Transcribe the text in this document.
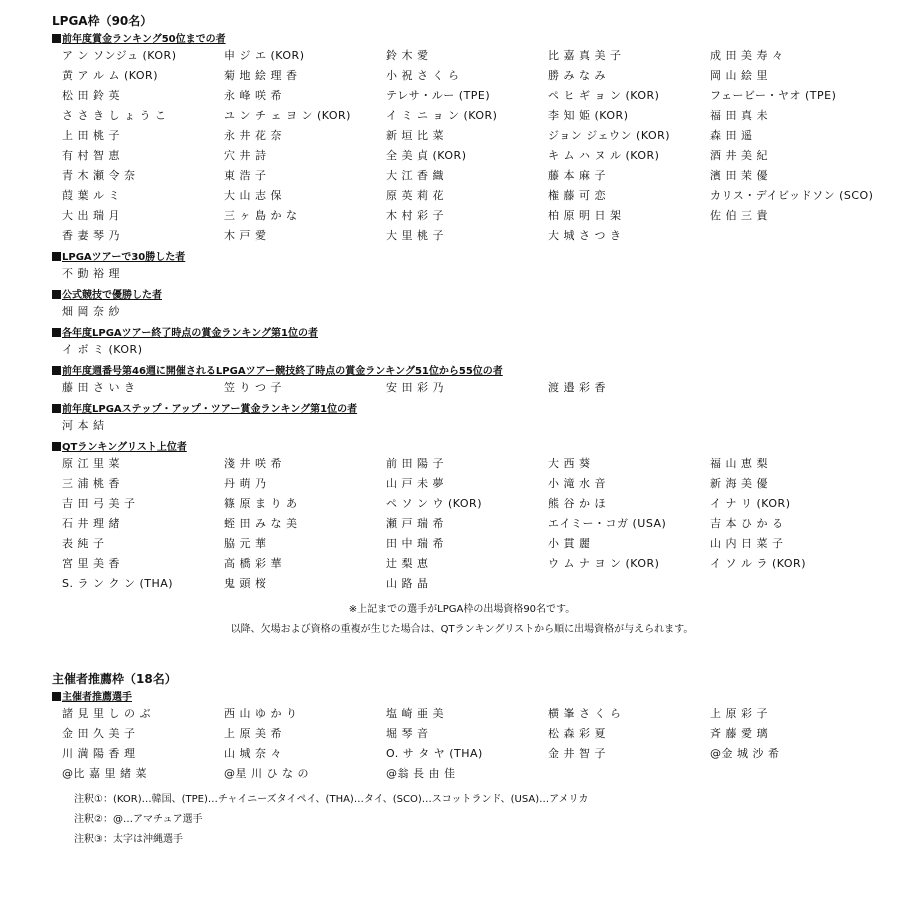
LPGA枠（90名）
前年度賞金ランキング50位までの者
ア ン ソンジュ (KOR)	申 ジ エ (KOR)	鈴 木 愛	比 嘉 真 美 子	成 田 美 寿 々
黄 ア ル ム (KOR)	菊 地 絵 理 香	小 祝 さ く ら	勝 み な み	岡 山 絵 里
松 田 鈴 英	永 峰 咲 希	テレサ・ルー (TPE)	ペ ヒ ギ ョ ン (KOR)	フェービー・ヤオ (TPE)
さ さ き し ょ う こ	ユ ン チ ェ ヨ ン (KOR)	イ ミ ニ ョ ン (KOR)	李 知 姫 (KOR)	福 田 真 未
上 田 桃 子	永 井 花 奈	新 垣 比 菜	ジョン ジェウン (KOR)	森 田 遥
有 村 智 恵	穴 井 詩	全 美 貞 (KOR)	キ ム ハ ヌ ル (KOR)	酒 井 美 紀
青 木 瀬 令 奈	東 浩 子	大 江 香 織	藤 本 麻 子	濱 田 茉 優
葭 葉 ル ミ	大 山 志 保	原 英 莉 花	権 藤 可 恋	カリス・デイビッドソン (SCO)
大 出 瑞 月	三 ヶ 島 か な	木 村 彩 子	柏 原 明 日 架	佐 伯 三 貴
香 妻 琴 乃	木 戸 愛	大 里 桃 子	大 城 さ つ き
LPGAツアーで30勝した者
不 動 裕 理
公式競技で優勝した者
畑 岡 奈 紗
各年度LPGAツアー終了時点の賞金ランキング第1位の者
イ ボ ミ (KOR)
前年度週番号第46週に開催されるLPGAツアー競技終了時点の賞金ランキング51位から55位の者
藤 田 さ い き	笠 り つ 子	安 田 彩 乃	渡 邉 彩 香
前年度LPGAステップ・アップ・ツアー賞金ランキング第1位の者
河 本 結
QTランキングリスト上位者
原 江 里 菜	淺 井 咲 希	前 田 陽 子	大 西 葵	福 山 恵 梨
三 浦 桃 香	丹 萌 乃	山 戸 未 夢	小 滝 水 音	新 海 美 優
吉 田 弓 美 子	篠 原 ま り あ	ペ ソ ン ウ (KOR)	熊 谷 か ほ	イ ナ リ (KOR)
石 井 理 緒	蛭 田 み な 美	瀬 戸 瑞 希	エイミー・コガ (USA)	吉 本 ひ か る
表 純 子	脇 元 華	田 中 瑞 希	小 貫 麗	山 内 日 菜 子
宮 里 美 香	高 橋 彩 華	辻 梨 恵	ウ ム ナ ヨ ン (KOR)	イ ソ ル ラ (KOR)
S. ラ ン ク ン (THA)	鬼 頭 桜	山 路 晶
※上記までの選手がLPGA枠の出場資格90名です。
以降、欠場および資格の重複が生じた場合は、QTランキングリストから順に出場資格が与えられます。
主催者推薦枠（18名）
主催者推薦選手
諸 見 里 し の ぶ	西 山 ゆ か り	塩 崎 亜 美	横 峯 さ く ら	上 原 彩 子
金 田 久 美 子	上 原 美 希	堀 琴 音	松 森 彩 夏	斉 藤 愛 璃
川 満 陽 香 理	山 城 奈 々	O. サ タ ヤ (THA)	金 井 智 子	@金 城 沙 希
@比 嘉 里 緒 菜	@星 川 ひ な の	@翁 長 由 佳
注釈①：(KOR)…韓国、(TPE)…チャイニーズタイペイ、(THA)…タイ、(SCO)…スコットランド、(USA)…アメリカ
注釈②：@…アマチュア選手
注釈③：太字は沖縄選手
